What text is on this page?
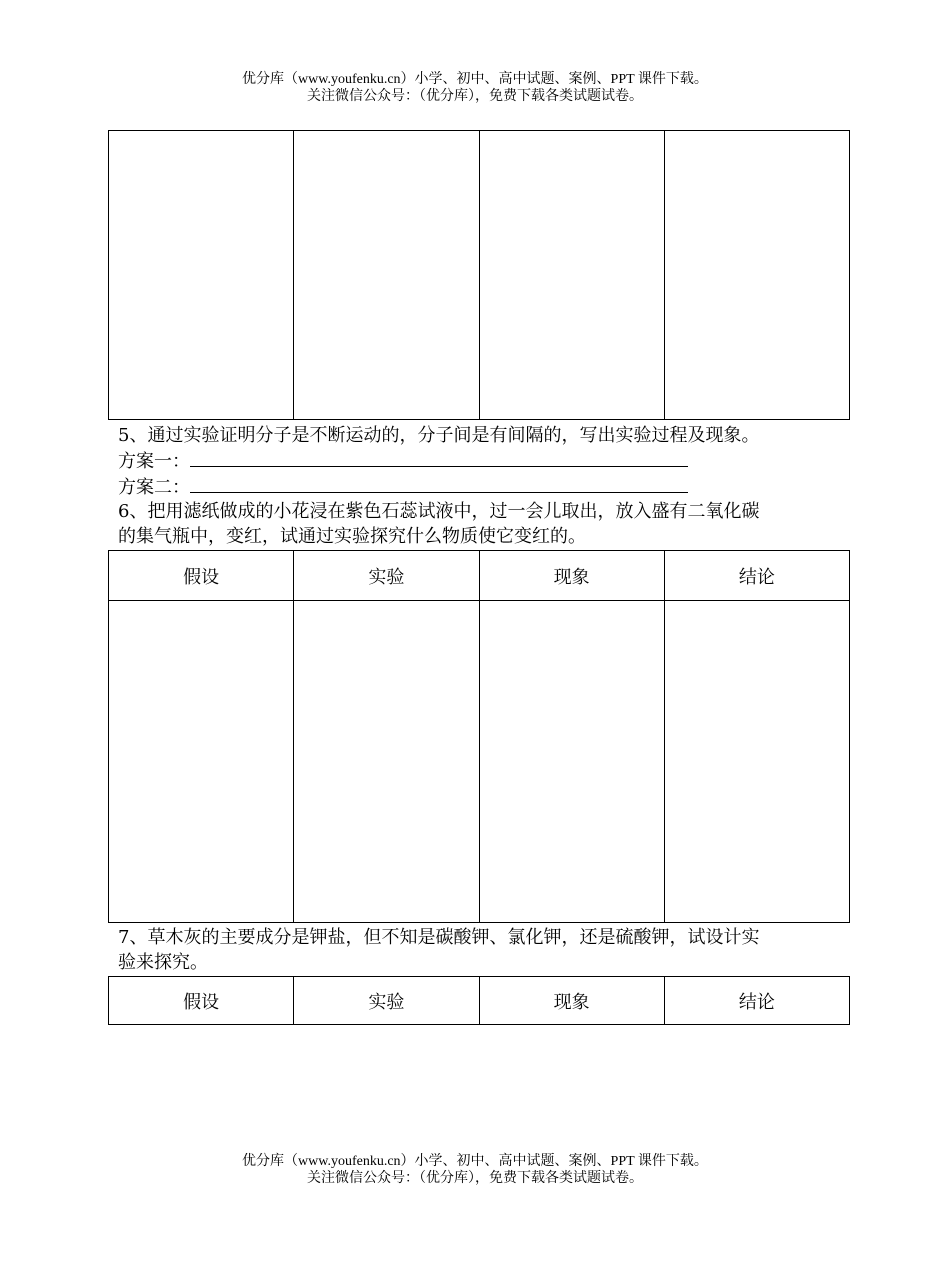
优分库（www.youfenku.cn）小学、初中、高中试题、案例、PPT 课件下载。
关注微信公众号：（优分库），免费下载各类试题试卷。

5、通过实验证明分子是不断运动的，分子间是有间隔的，写出实验过程及现象。
方案一：
方案二：
6、把用滤纸做成的小花浸在紫色石蕊试液中，过一会儿取出，放入盛有二氧化碳
的集气瓶中，变红，试通过实验探究什么物质使它变红的。
假设	实验	现象	结论

7、草木灰的主要成分是钾盐，但不知是碳酸钾、氯化钾，还是硫酸钾，试设计实
验来探究。
假设	实验	现象	结论
优分库（www.youfenku.cn）小学、初中、高中试题、案例、PPT 课件下载。
关注微信公众号：（优分库），免费下载各类试题试卷。
